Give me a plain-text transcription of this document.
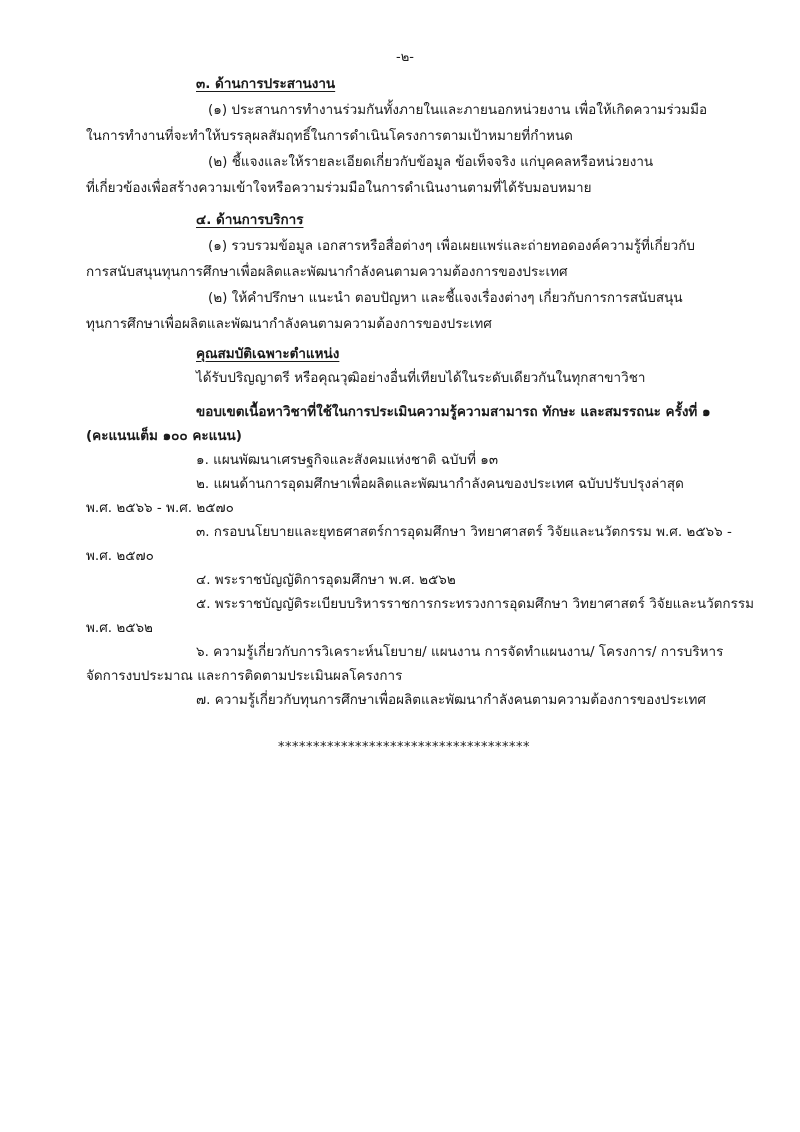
-๒-
๓. ด้านการประสานงาน
(๑) ประสานการทำงานร่วมกันทั้งภายในและภายนอกหน่วยงาน เพื่อให้เกิดความร่วมมือ
ในการทำงานที่จะทำให้บรรลุผลสัมฤทธิ์ในการดำเนินโครงการตามเป้าหมายที่กำหนด
(๒) ชี้แจงและให้รายละเอียดเกี่ยวกับข้อมูล ข้อเท็จจริง แก่บุคคลหรือหน่วยงาน
ที่เกี่ยวข้องเพื่อสร้างความเข้าใจหรือความร่วมมือในการดำเนินงานตามที่ได้รับมอบหมาย
๔. ด้านการบริการ
(๑) รวบรวมข้อมูล เอกสารหรือสื่อต่างๆ เพื่อเผยแพร่และถ่ายทอดองค์ความรู้ที่เกี่ยวกับ
การสนับสนุนทุนการศึกษาเพื่อผลิตและพัฒนากำลังคนตามความต้องการของประเทศ
(๒) ให้คำปรึกษา แนะนำ ตอบปัญหา และชี้แจงเรื่องต่างๆ เกี่ยวกับการการสนับสนุน
ทุนการศึกษาเพื่อผลิตและพัฒนากำลังคนตามความต้องการของประเทศ
คุณสมบัติเฉพาะตำแหน่ง
ได้รับปริญญาตรี หรือคุณวุฒิอย่างอื่นที่เทียบได้ในระดับเดียวกันในทุกสาขาวิชา
ขอบเขตเนื้อหาวิชาที่ใช้ในการประเมินความรู้ความสามารถ ทักษะ และสมรรถนะ ครั้งที่ ๑
(คะแนนเต็ม ๑๐๐ คะแนน)
๑. แผนพัฒนาเศรษฐกิจและสังคมแห่งชาติ ฉบับที่ ๑๓
๒. แผนด้านการอุดมศึกษาเพื่อผลิตและพัฒนากำลังคนของประเทศ ฉบับปรับปรุงล่าสุด
พ.ศ. ๒๕๖๖ - พ.ศ. ๒๕๗๐
๓. กรอบนโยบายและยุทธศาสตร์การอุดมศึกษา วิทยาศาสตร์ วิจัยและนวัตกรรม พ.ศ. ๒๕๖๖ -
พ.ศ. ๒๕๗๐
๔. พระราชบัญญัติการอุดมศึกษา พ.ศ. ๒๕๖๒
๕. พระราชบัญญัติระเบียบบริหารราชการกระทรวงการอุดมศึกษา วิทยาศาสตร์ วิจัยและนวัตกรรม
พ.ศ. ๒๕๖๒
๖. ความรู้เกี่ยวกับการวิเคราะห์นโยบาย/ แผนงาน การจัดทำแผนงาน/ โครงการ/ การบริหาร
จัดการงบประมาณ และการติดตามประเมินผลโครงการ
๗. ความรู้เกี่ยวกับทุนการศึกษาเพื่อผลิตและพัฒนากำลังคนตามความต้องการของประเทศ
************************************
